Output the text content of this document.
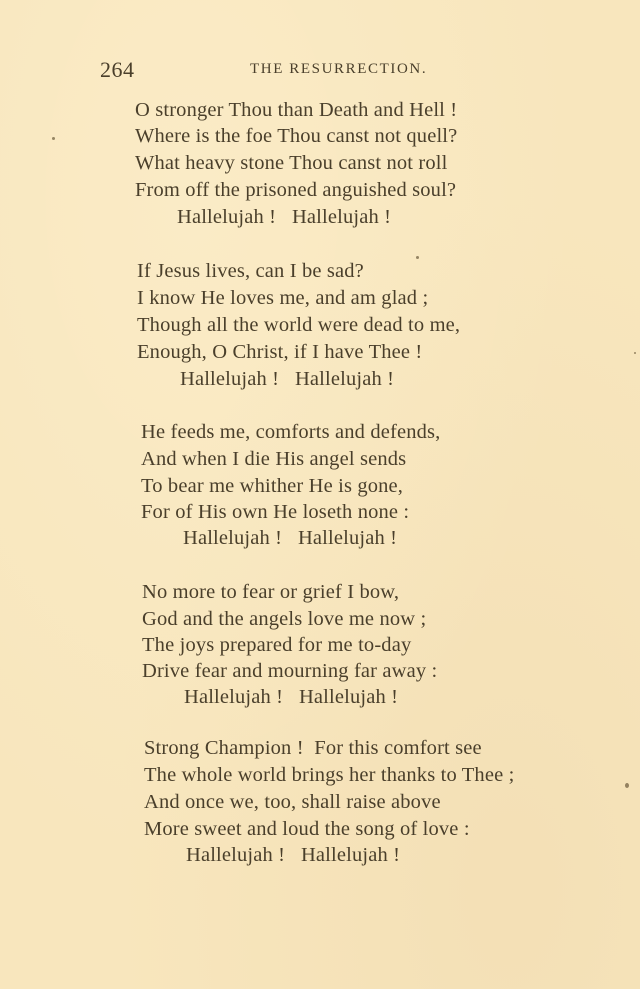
264	THE RESURRECTION.
O stronger Thou than Death and Hell !
Where is the foe Thou canst not quell?
What heavy stone Thou canst not roll
From off the prisoned anguished soul?
Hallelujah !   Hallelujah !
If Jesus lives, can I be sad?
I know He loves me, and am glad ;
Though all the world were dead to me,
Enough, O Christ, if I have Thee !
Hallelujah !   Hallelujah !
He feeds me, comforts and defends,
And when I die His angel sends
To bear me whither He is gone,
For of His own He loseth none :
Hallelujah !   Hallelujah !
No more to fear or grief I bow,
God and the angels love me now ;
The joys prepared for me to-day
Drive fear and mourning far away :
Hallelujah !   Hallelujah !
Strong Champion !  For this comfort see
The whole world brings her thanks to Thee ;
And once we, too, shall raise above
More sweet and loud the song of love :
Hallelujah !   Hallelujah !
